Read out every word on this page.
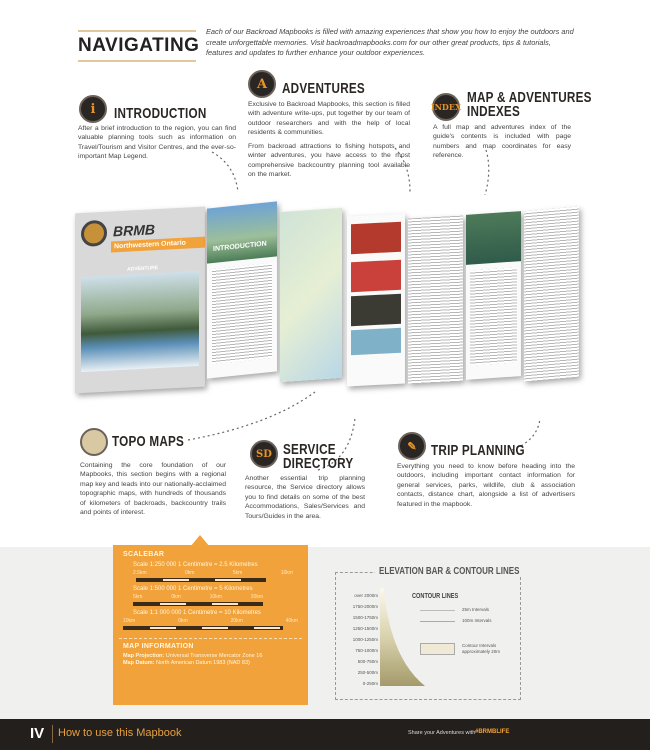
NAVIGATING
Each of our Backroad Mapbooks is filled with amazing experiences that show you how to enjoy the outdoors and create unforgettable memories. Visit backroadmapbooks.com for our other great products, tips & tutorials, features and updates to further enhance your outdoor experiences.
i	INTRODUCTION
After a brief introduction to the region, you can find valuable planning tools such as information on Travel/Tourism and Visitor Centres, and the ever-so-important Map Legend.
A ADVENTURES
Exclusive to Backroad Mapbooks, this section is filled with adventure write-ups, put together by our team of outdoor researchers and with the help of local residents & communities.
From backroad attractions to fishing hotspots and winter adventures, you have access to the most comprehensive backcountry planning tool available on the market.
INDEX
MAP & ADVENTURES
INDEXES
A full map and adventures index of the guide's contents is included with page numbers and map coordinates for easy reference.
BRMB
Northwestern Ontario
ADVENTURE
INTRODUCTION
TOPO MAPS
Containing the core foundation of our Mapbooks, this section begins with a regional map key and leads into our nationally-acclaimed topographic maps, with hundreds of thousands of kilometers of backroads, backcountry trails and points of interest.
SD SERVICE
DIRECTORY
Another essential trip planning resource, the Service directory allows you to find details on some of the best Accommodations, Sales/Services and Tours/Guides in the area.
✎ TRIP PLANNING
Everything you need to know before heading into the outdoors, including important contact information for general services, parks, wildlife, club & association contacts, distance chart, alongside a list of advertisers featured in the mapbook.
SCALEBAR
Scale 1:250 000 1 Centimetre = 2.5 Kilometres
2.5km	0km	5km	10km
Scale 1:500 000 1 Centimetre = 5 Kilometres
5km	0km	10km	20km
Scale 1:1 000 000 1 Centimetre = 10 Kilometres
10km	0km	20km	40km
MAP INFORMATION
Map Projection: Universal Transverse Mercator Zone 16
Map Datum: North American Datum 1983 (NAD 83)
ELEVATION BAR & CONTOUR LINES
over 2000m
1750-2000m
1500-1750m
1250-1500m
1000-1250m
750-1000m
500-750m
250-500m
0-250m
CONTOUR LINES
25m Intervals
100m Intervals
Contour Intervals approximately 20m
IV How to use this Mapbook	Share your Adventures with #BRMBLIFE
